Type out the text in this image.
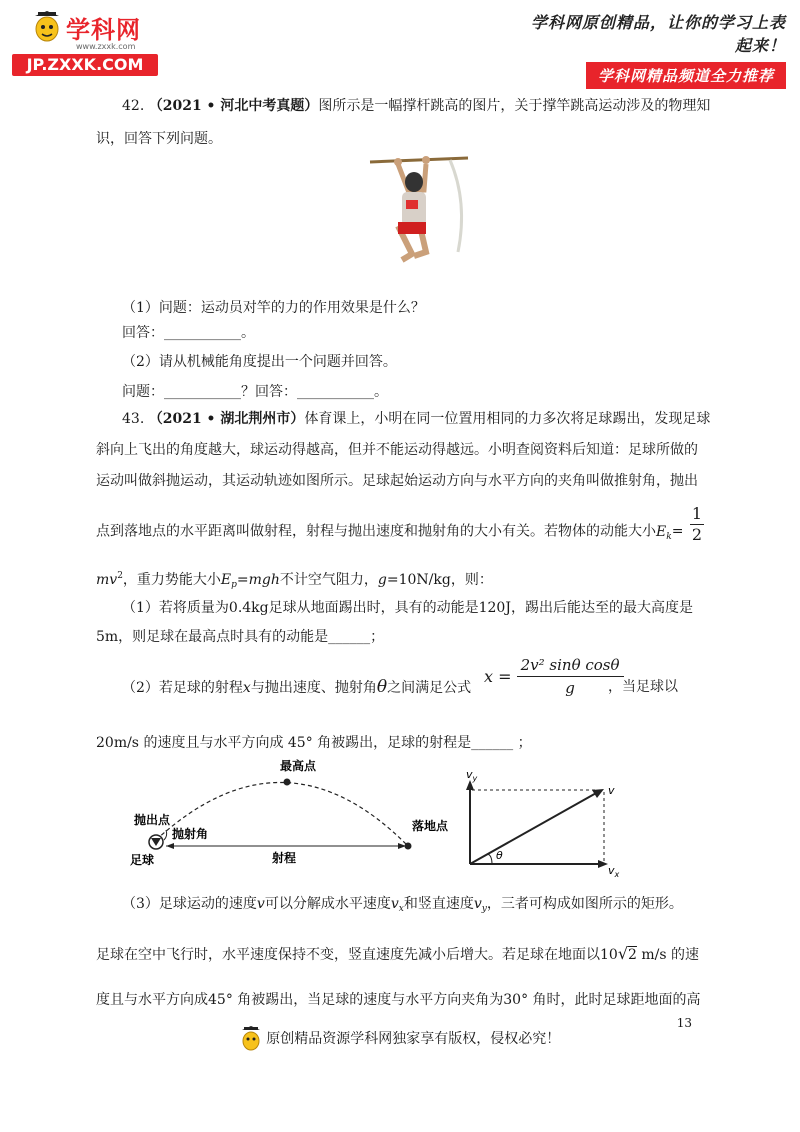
学科网
www.zxxk.com
JP.ZXXK.COM
学科网原创精品，让你的学习上表起来！
学科网精品频道全力推荐
42. （2021 • 河北中考真题）图所示是一幅撑杆跳高的图片，关于撑竿跳高运动涉及的物理知
识，回答下列问题。
（1）问题：运动员对竿的力的作用效果是什么？
回答：___________。
（2）请从机械能角度提出一个问题并回答。
问题：___________？回答：___________。
43. （2021 • 湖北荆州市）体育课上，小明在同一位置用相同的力多次将足球踢出，发现足球
斜向上飞出的角度越大，球运动得越高，但并不能运动得越远。小明查阅资料后知道：足球所做的
运动叫做斜抛运动，其运动轨迹如图所示。足球起始运动方向与水平方向的夹角叫做推射角，抛出
点到落地点的水平距离叫做射程，射程与抛出速度和抛射角的大小有关。若物体的动能大小$E_k= \frac{1}{2}$
$mv^2$，重力势能大小$E_p=mgh$不计空气阻力，g=10N/kg，则：
（1）若将质量为0.4kg足球从地面踢出时，具有的动能是120J，踢出后能达至的最大高度是
5m，则足球在最高点时具有的动能是______；
（2）若足球的射程x与抛出速度、抛射角θ之间满足公式
$x = \frac{\text{2v² sinθ cosθ}}{g}$
，当足球以
20m/s 的速度且与水平方向成 45° 角被踢出，足球的射程是______ ；
最高点
落地点
抛出点
抛射角
足球	射程
$v_y$
v
θ
$v_x$
（3）足球运动的速度v可以分解成水平速度$v_x$和竖直速度$v_y$，三者可构成如图所示的矩形。
足球在空中飞行时，水平速度保持不变，竖直速度先减小后增大。若足球在地面以10√2 m/s 的速
度且与水平方向成45° 角被踢出，当足球的速度与水平方向夹角为30° 角时，此时足球距地面的高
13
原创精品资源学科网独家享有版权，侵权必究！
